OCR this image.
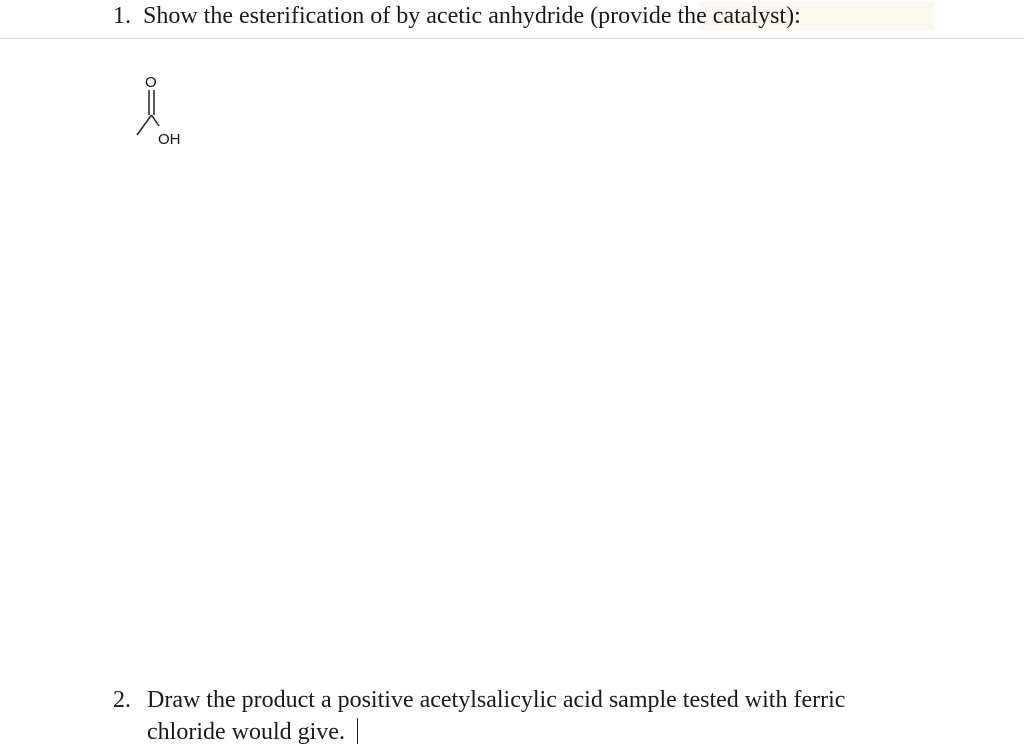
1. Show the esterification of by acetic anhydride (provide the catalyst):
O
OH
2. Draw the product a positive acetylsalicylic acid sample tested with ferric
chloride would give.
